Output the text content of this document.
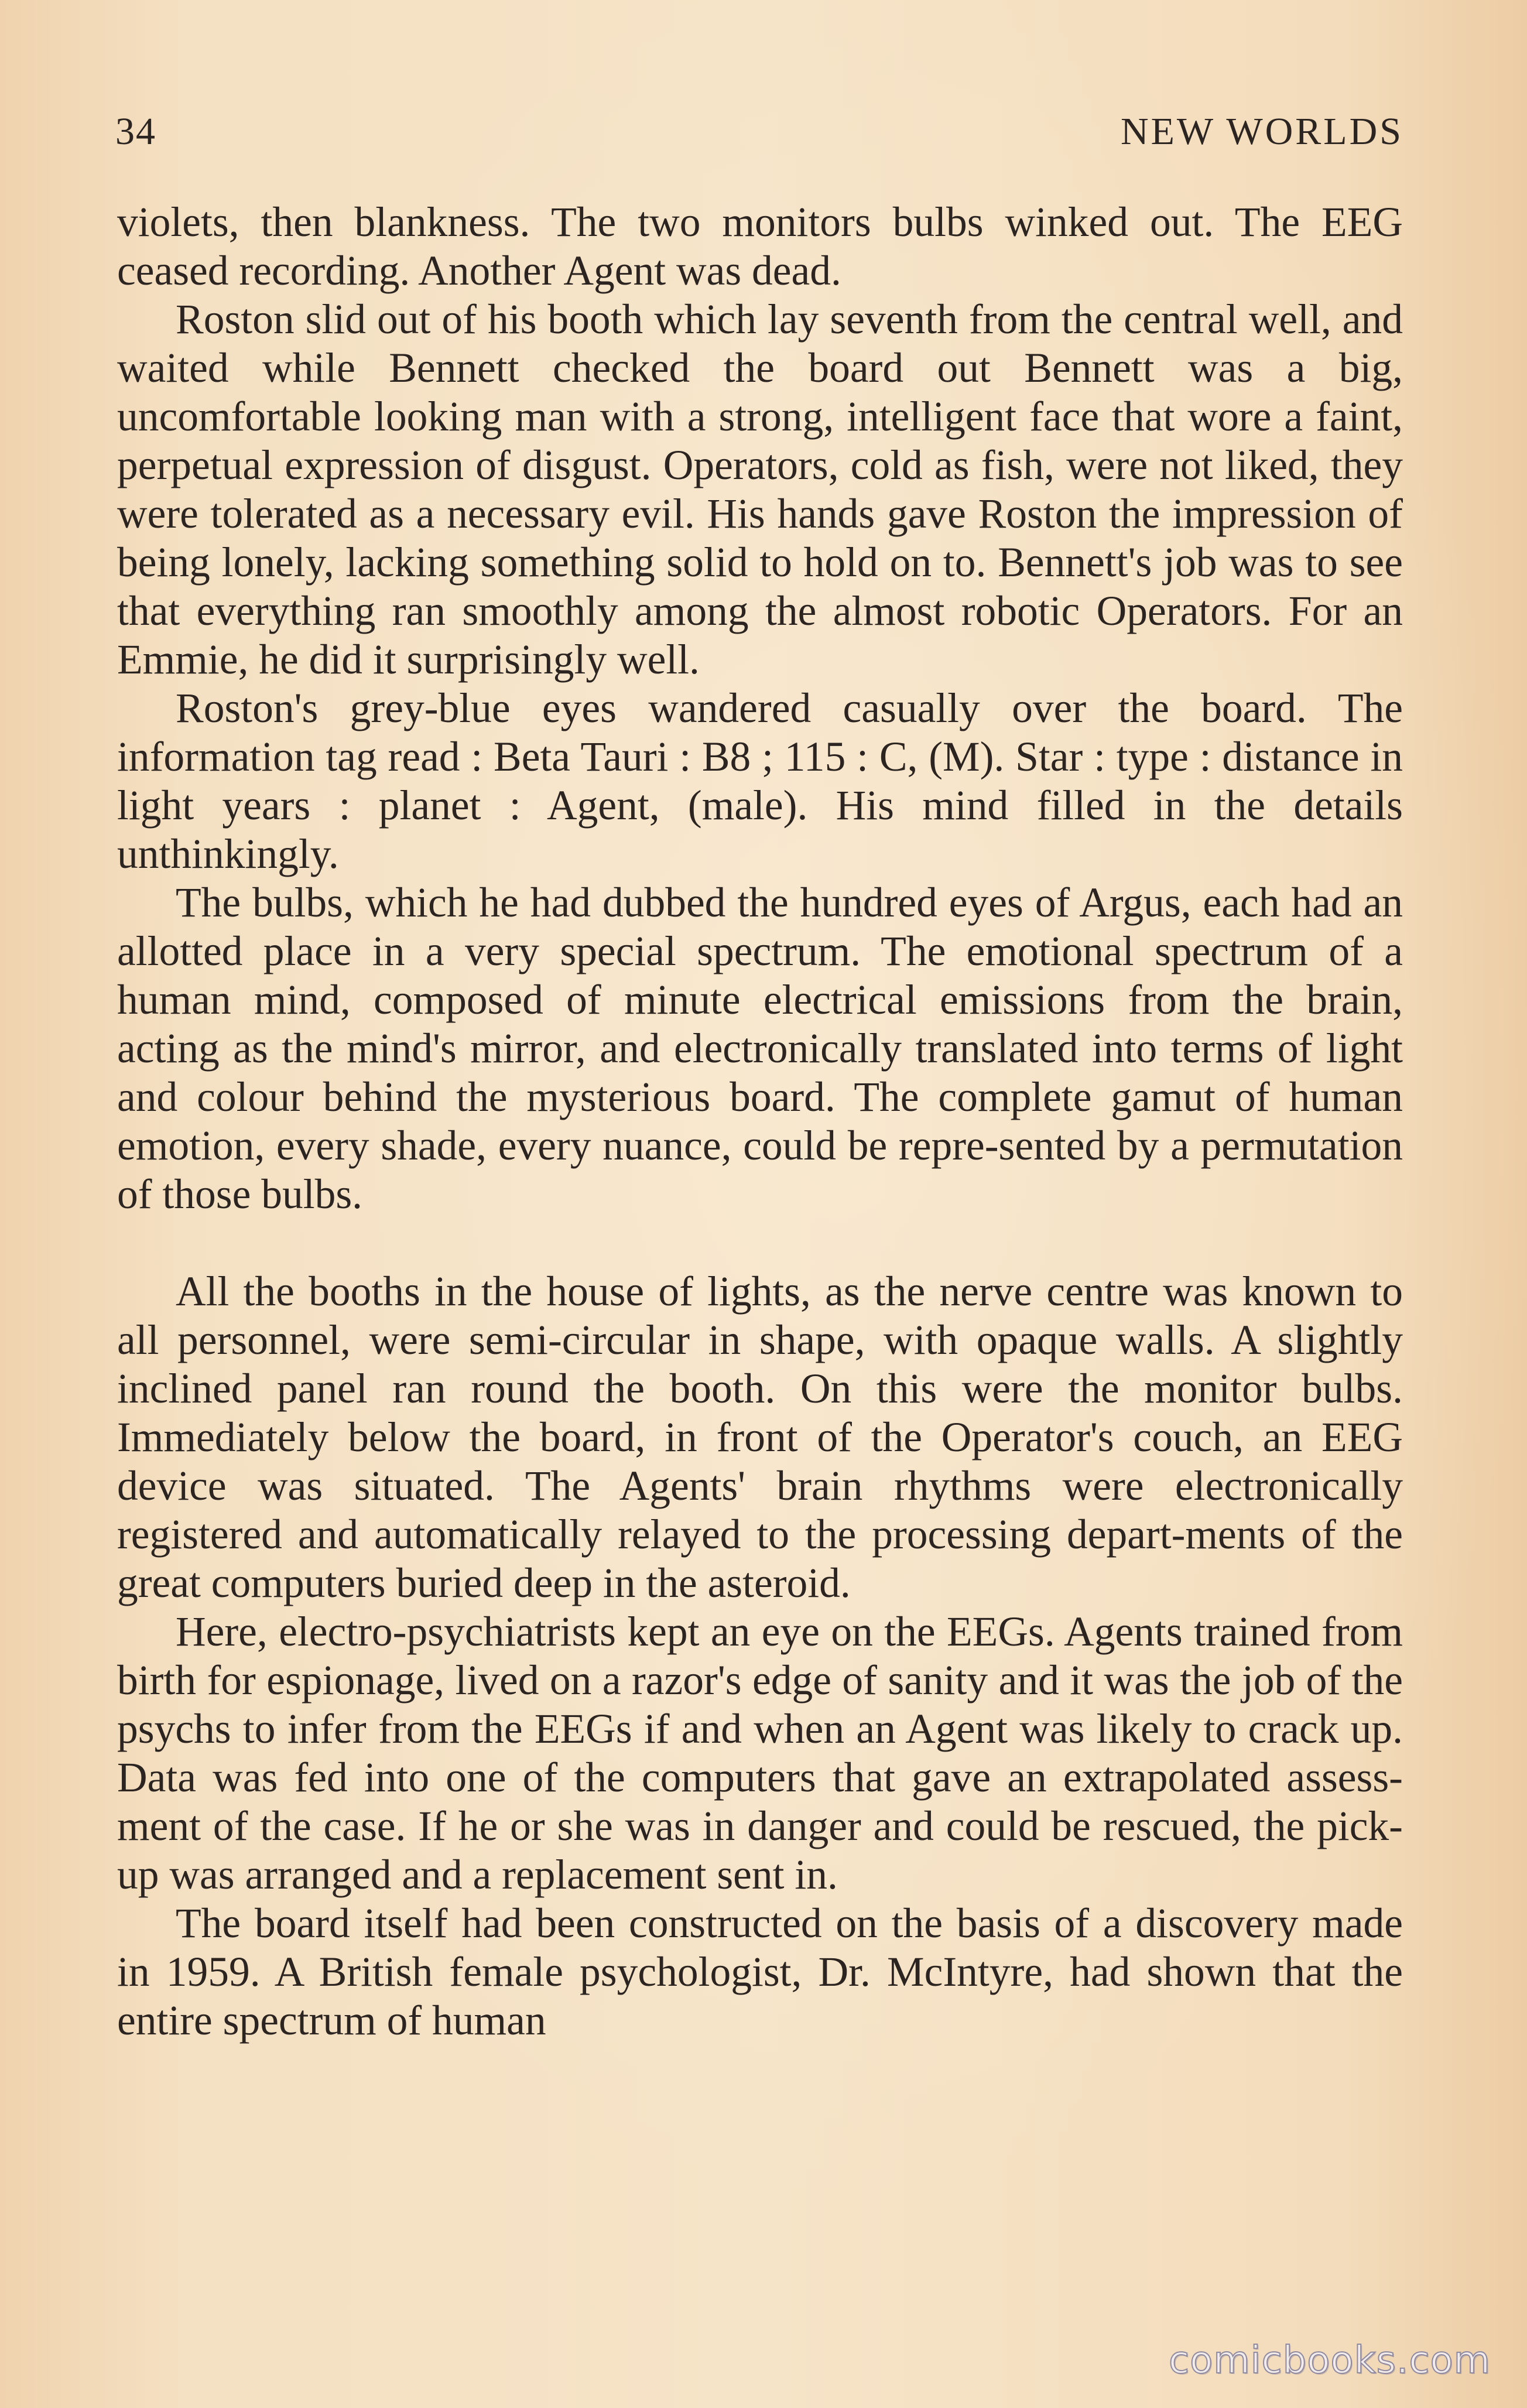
34	NEW WORLDS

violets, then blankness. The two monitors bulbs winked out. The EEG ceased recording. Another Agent was dead.

Roston slid out of his booth which lay seventh from the central well, and waited while Bennett checked the board out Bennett was a big, uncomfortable looking man with a strong, intelligent face that wore a faint, perpetual expression of disgust. Operators, cold as fish, were not liked, they were tolerated as a necessary evil. His hands gave Roston the impression of being lonely, lacking something solid to hold on to. Bennett's job was to see that everything ran smoothly among the almost robotic Operators. For an Emmie, he did it surprisingly well.

Roston's grey-blue eyes wandered casually over the board. The information tag read : Beta Tauri : B8 ; 115 : C, (M). Star : type : distance in light years : planet : Agent, (male). His mind filled in the details unthinkingly.

The bulbs, which he had dubbed the hundred eyes of Argus, each had an allotted place in a very special spectrum. The emotional spectrum of a human mind, composed of minute electrical emissions from the brain, acting as the mind's mirror, and electronically translated into terms of light and colour behind the mysterious board. The complete gamut of human emotion, every shade, every nuance, could be repre-sented by a permutation of those bulbs.

All the booths in the house of lights, as the nerve centre was known to all personnel, were semi-circular in shape, with opaque walls. A slightly inclined panel ran round the booth. On this were the monitor bulbs. Immediately below the board, in front of the Operator's couch, an EEG device was situated. The Agents' brain rhythms were electronically registered and automatically relayed to the processing depart-ments of the great computers buried deep in the asteroid.

Here, electro-psychiatrists kept an eye on the EEGs. Agents trained from birth for espionage, lived on a razor's edge of sanity and it was the job of the psychs to infer from the EEGs if and when an Agent was likely to crack up. Data was fed into one of the computers that gave an extrapolated assess-ment of the case. If he or she was in danger and could be rescued, the pick-up was arranged and a replacement sent in.

The board itself had been constructed on the basis of a discovery made in 1959. A British female psychologist, Dr. McIntyre, had shown that the entire spectrum of human

comicbooks.com
